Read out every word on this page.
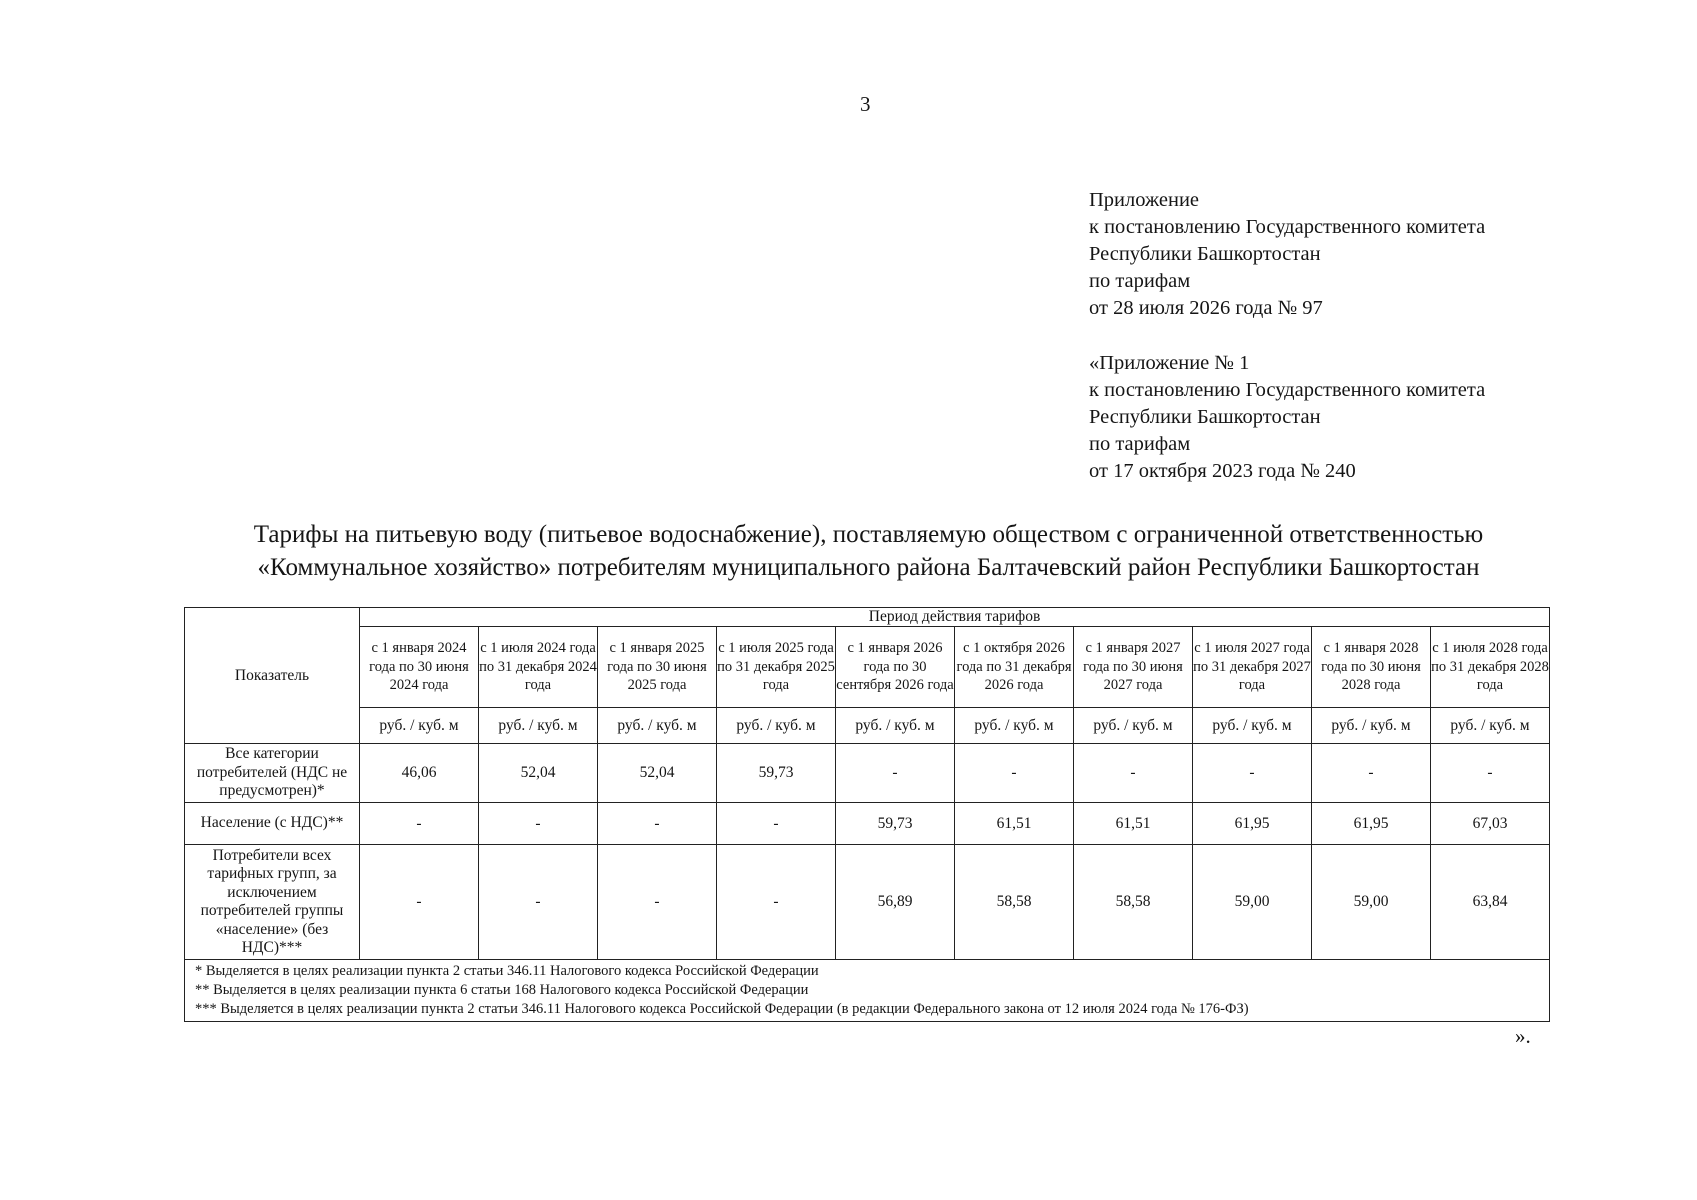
3
Приложение
к постановлению Государственного комитета
Республики Башкортостан
по тарифам
от 28 июля 2026 года № 97
«Приложение № 1
к постановлению Государственного комитета
Республики Башкортостан
по тарифам
от 17 октября 2023 года № 240
Тарифы на питьевую воду (питьевое водоснабжение), поставляемую обществом с ограниченной ответственностью
«Коммунальное хозяйство» потребителям муниципального района Балтачевский район Республики Башкортостан
Показатель	Период действия тарифов									
	с 1 января 2024 года по 30 июня 2024 года	с 1 июля 2024 года по 31 декабря 2024 года	с 1 января 2025 года по 30 июня 2025 года	с 1 июля 2025 года по 31 декабря 2025 года	с 1 января 2026 года по 30 сентября 2026 года	с 1 октября 2026 года по 31 декабря 2026 года	с 1 января 2027 года по 30 июня 2027 года	с 1 июля 2027 года по 31 декабря 2027 года	с 1 января 2028 года по 30 июня 2028 года	с 1 июля 2028 года по 31 декабря 2028 года
	руб. / куб. м	руб. / куб. м	руб. / куб. м	руб. / куб. м	руб. / куб. м	руб. / куб. м	руб. / куб. м	руб. / куб. м	руб. / куб. м	руб. / куб. м
Все категории потребителей (НДС не предусмотрен)*	46,06	52,04	52,04	59,73	-	-	-	-	-	-
Население (с НДС)**	-	-	-	-	59,73	61,51	61,51	61,95	61,95	67,03
Потребители всех тарифных групп, за исключением потребителей группы «население» (без НДС)***	-	-	-	-	56,89	58,58	58,58	59,00	59,00	63,84

* Выделяется в целях реализации пункта 2 статьи 346.11 Налогового кодекса Российской Федерации
** Выделяется в целях реализации пункта 6 статьи 168 Налогового кодекса Российской Федерации
*** Выделяется в целях реализации пункта 2 статьи 346.11 Налогового кодекса Российской Федерации (в редакции Федерального закона от 12 июля 2024 года № 176-ФЗ)										
».
